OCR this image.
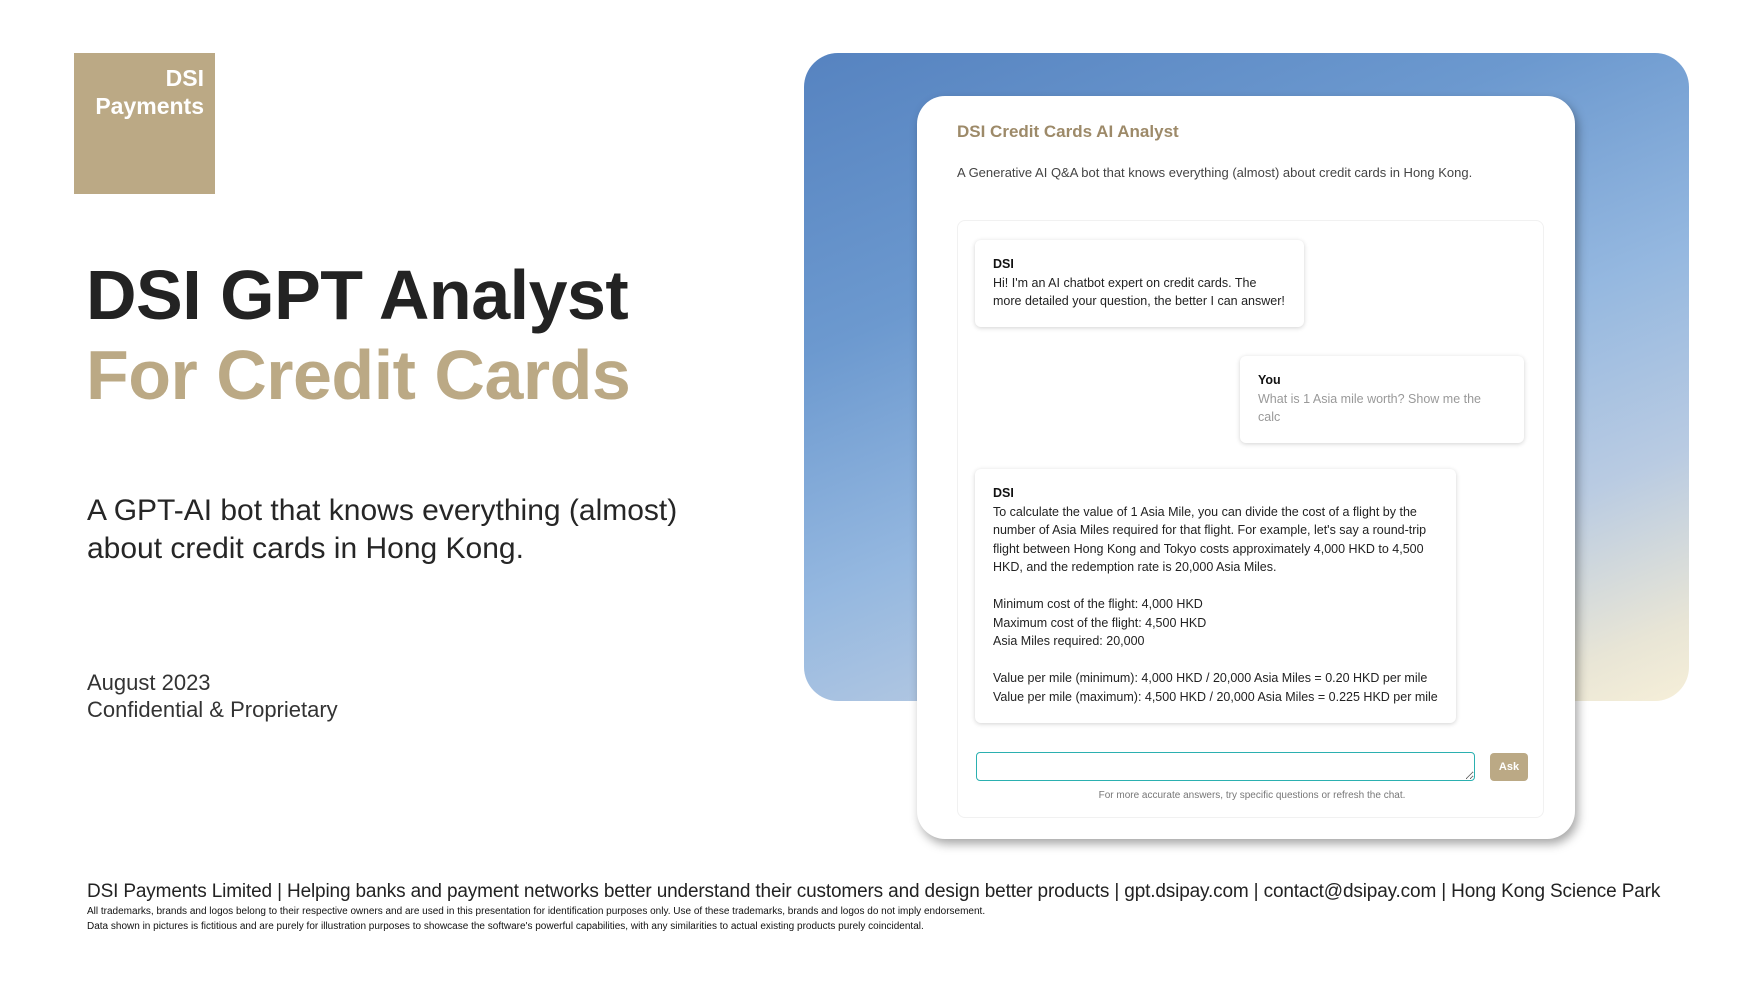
DSI
Payments
DSI GPT Analyst
For Credit Cards
A GPT-AI bot that knows everything (almost) about credit cards in Hong Kong.
August 2023
Confidential & Proprietary
DSI Credit Cards AI Analyst
A Generative AI Q&A bot that knows everything (almost) about credit cards in Hong Kong.
DSI
Hi! I'm an AI chatbot expert on credit cards. The
more detailed your question, the better I can answer!
You
What is 1 Asia mile worth? Show me the calc
DSI
To calculate the value of 1 Asia Mile, you can divide the cost of a flight by the
number of Asia Miles required for that flight. For example, let's say a round-trip
flight between Hong Kong and Tokyo costs approximately 4,000 HKD to 4,500
HKD, and the redemption rate is 20,000 Asia Miles.
Minimum cost of the flight: 4,000 HKD
Maximum cost of the flight: 4,500 HKD
Asia Miles required: 20,000
Value per mile (minimum): 4,000 HKD / 20,000 Asia Miles = 0.20 HKD per mile
Value per mile (maximum): 4,500 HKD / 20,000 Asia Miles = 0.225 HKD per mile
Ask
For more accurate answers, try specific questions or refresh the chat.
DSI Payments Limited | Helping banks and payment networks better understand their customers and design better products | gpt.dsipay.com | contact@dsipay.com | Hong Kong Science Park
All trademarks, brands and logos belong to their respective owners and are used in this presentation for identification purposes only. Use of these trademarks, brands and logos do not imply endorsement.
Data shown in pictures is fictitious and are purely for illustration purposes to showcase the software's powerful capabilities, with any similarities to actual existing products purely coincidental.
